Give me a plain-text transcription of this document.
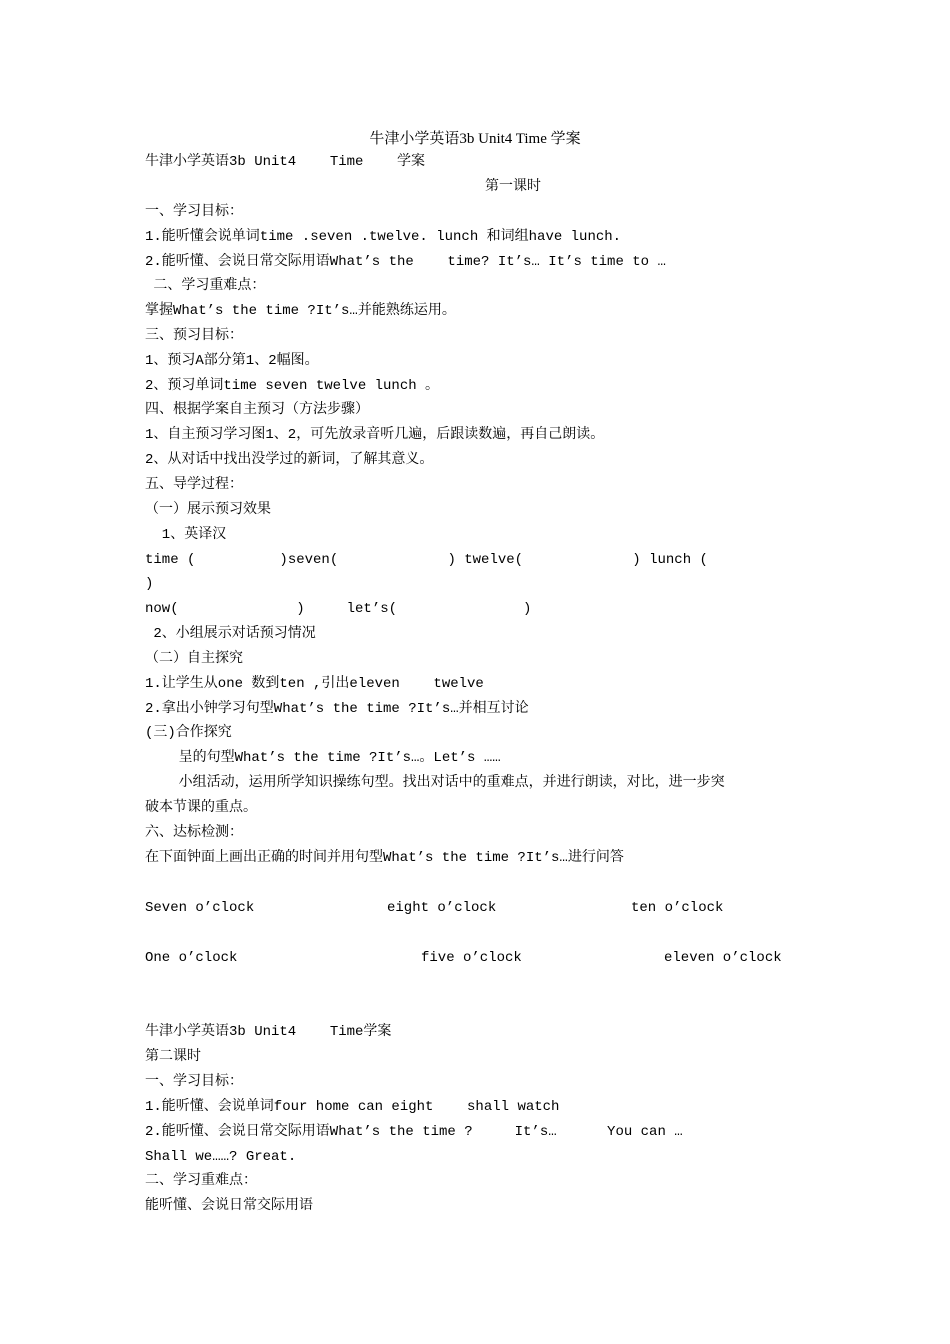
牛津小学英语3b Unit4 Time 学案
牛津小学英语3b Unit4    Time    学案
第一课时
一、学习目标：
1.能听懂会说单词time .seven .twelve. lunch 和词组have lunch.
2.能听懂、会说日常交际用语What’s the    time? It’s… It’s time to …
二、学习重难点：
掌握What’s the time ?It’s…并能熟练运用。
三、预习目标：
1、预习A部分第1、2幅图。
2、预习单词time seven twelve lunch 。
四、根据学案自主预习（方法步骤）
1、自主预习学习图1、2，可先放录音听几遍，后跟读数遍，再自己朗读。
2、从对话中找出没学过的新词，了解其意义。
五、导学过程：
（一）展示预习效果
1、英译汉
time (          )seven(             ) twelve(             ) lunch (
)
now(              )     let’s(               )
2、小组展示对话预习情况
（二）自主探究
1.让学生从one 数到ten ,引出eleven    twelve
2.拿出小钟学习句型What’s the time ?It’s…并相互讨论
(三)合作探究
呈的句型What’s the time ?It’s…。Let’s ……
小组活动，运用所学知识操练句型。找出对话中的重难点，并进行朗读，对比，进一步突
破本节课的重点。
六、达标检测：
在下面钟面上画出正确的时间并用句型What’s the time ?It’s…进行问答
Seven o’clock	eight o’clock	ten o’clock
One o’clock	five o’clock	eleven o’clock
牛津小学英语3b Unit4    Time学案
第二课时
一、学习目标：
1.能听懂、会说单词four home can eight    shall watch
2.能听懂、会说日常交际用语What’s the time ?     It’s…      You can …
Shall we……? Great.
二、学习重难点：
能听懂、会说日常交际用语
